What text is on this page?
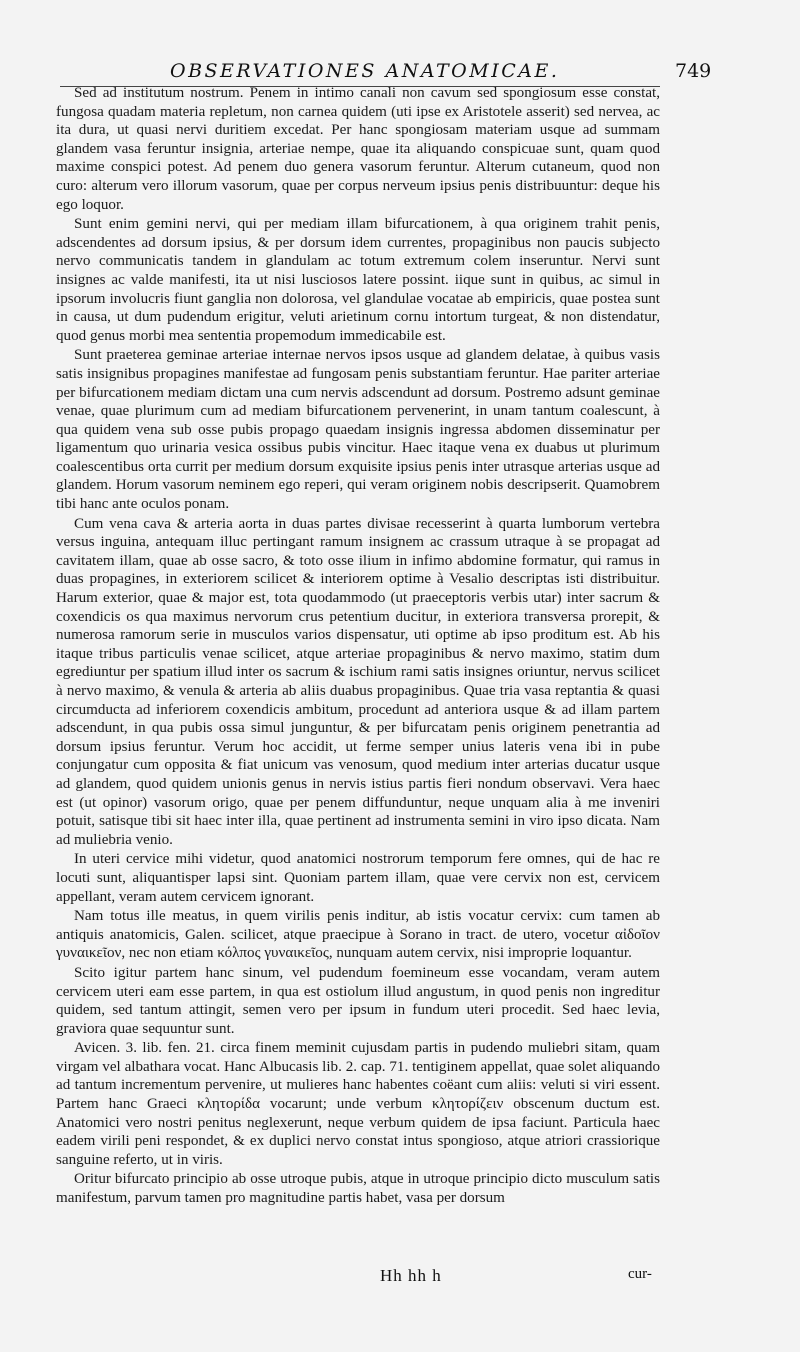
OBSERVATIONES ANATOMICAE.	749

Sed ad institutum nostrum. Penem in intimo canali non cavum sed spongiosum esse constat, fungosa quadam materia repletum, non carnea quidem (uti ipse ex Aristotele asserit) sed nervea, ac ita dura, ut quasi nervi duritiem excedat. Per hanc spongiosam materiam usque ad summam glandem vasa feruntur insignia, arteriae nempe, quae ita aliquando conspicuae sunt, quam quod maxime conspici potest. Ad penem duo genera vasorum feruntur. Alterum cutaneum, quod non curo: alterum vero illorum vasorum, quae per corpus nerveum ipsius penis distribuuntur: deque his ego loquor.

Sunt enim gemini nervi, qui per mediam illam bifurcationem, à qua originem trahit penis, adscendentes ad dorsum ipsius, & per dorsum idem currentes, propaginibus non paucis subjecto nervo communicatis tandem in glandulam ac totum extremum colem inseruntur. Nervi sunt insignes ac valde manifesti, ita ut nisi lusciosos latere possint. iique sunt in quibus, ac simul in ipsorum involucris fiunt ganglia non dolorosa, vel glandulae vocatae ab empiricis, quae postea sunt in causa, ut dum pudendum erigitur, veluti arietinum cornu intortum turgeat, & non distendatur, quod genus morbi mea sententia propemodum immedicabile est.

Sunt praeterea geminae arteriae internae nervos ipsos usque ad glandem delatae, à quibus vasis satis insignibus propagines manifestae ad fungosam penis substantiam feruntur. Hae pariter arteriae per bifurcationem mediam dictam una cum nervis adscendunt ad dorsum. Postremo adsunt geminae venae, quae plurimum cum ad mediam bifurcationem pervenerint, in unam tantum coalescunt, à qua quidem vena sub osse pubis propago quaedam insignis ingressa abdomen disseminatur per ligamentum quo urinaria vesica ossibus pubis vincitur. Haec itaque vena ex duabus ut plurimum coalescentibus orta currit per medium dorsum exquisite ipsius penis inter utrasque arterias usque ad glandem. Horum vasorum neminem ego reperi, qui veram originem nobis descripserit. Quamobrem tibi hanc ante oculos ponam.

Cum vena cava & arteria aorta in duas partes divisae recesserint à quarta lumborum vertebra versus inguina, antequam illuc pertingant ramum insignem ac crassum utraque à se propagat ad cavitatem illam, quae ab osse sacro, & toto osse ilium in infimo abdomine formatur, qui ramus in duas propagines, in exteriorem scilicet & interiorem optime à Vesalio descriptas isti distribuitur. Harum exterior, quae & major est, tota quodammodo (ut praeceptoris verbis utar) inter sacrum & coxendicis os qua maximus nervorum crus petentium ducitur, in exteriora transversa prorepit, & numerosa ramorum serie in musculos varios dispensatur, uti optime ab ipso proditum est. Ab his itaque tribus particulis venae scilicet, atque arteriae propaginibus & nervo maximo, statim dum egrediuntur per spatium illud inter os sacrum & ischium rami satis insignes oriuntur, nervus scilicet à nervo maximo, & venula & arteria ab aliis duabus propaginibus. Quae tria vasa reptantia & quasi circumducta ad inferiorem coxendicis ambitum, procedunt ad anteriora usque & ad illam partem adscendunt, in qua pubis ossa simul junguntur, & per bifurcatam penis originem penetrantia ad dorsum ipsius feruntur. Verum hoc accidit, ut ferme semper unius lateris vena ibi in pube conjungatur cum opposita & fiat unicum vas venosum, quod medium inter arterias ducatur usque ad glandem, quod quidem unionis genus in nervis istius partis fieri nondum observavi. Vera haec est (ut opinor) vasorum origo, quae per penem diffunduntur, neque unquam alia à me inveniri potuit, satisque tibi sit haec inter illa, quae pertinent ad instrumenta semini in viro ipso dicata. Nam ad muliebria venio.

In uteri cervice mihi videtur, quod anatomici nostrorum temporum fere omnes, qui de hac re locuti sunt, aliquantisper lapsi sint. Quoniam partem illam, quae vere cervix non est, cervicem appellant, veram autem cervicem ignorant.

Nam totus ille meatus, in quem virilis penis inditur, ab istis vocatur cervix: cum tamen ab antiquis anatomicis, Galen. scilicet, atque praecipue à Sorano in tract. de utero, vocetur αἰδοῖον γυναικεῖον, nec non etiam κόλπος γυναικεῖος, nunquam autem cervix, nisi improprie loquantur.

Scito igitur partem hanc sinum, vel pudendum foemineum esse vocandam, veram autem cervicem uteri eam esse partem, in qua est ostiolum illud angustum, in quod penis non ingreditur quidem, sed tantum attingit, semen vero per ipsum in fundum uteri procedit. Sed haec levia, graviora quae sequuntur sunt.

Avicen. 3. lib. fen. 21. circa finem meminit cujusdam partis in pudendo muliebri sitam, quam virgam vel albathara vocat. Hanc Albucasis lib. 2. cap. 71. tentiginem appellat, quae solet aliquando ad tantum incrementum pervenire, ut mulieres hanc habentes coëant cum aliis: veluti si viri essent. Partem hanc Graeci κλητορίδα vocarunt; unde verbum κλητορίζειν obscenum ductum est. Anatomici vero nostri penitus neglexerunt, neque verbum quidem de ipsa faciunt. Particula haec eadem virili peni respondet, & ex duplici nervo constat intus spongioso, atque atriori crassiorique sanguine referto, ut in viris.

Oritur bifurcato principio ab osse utroque pubis, atque in utroque principio dicto musculum satis manifestum, parvum tamen pro magnitudine partis habet, vasa per dorsum

Hh hh h	cur-
